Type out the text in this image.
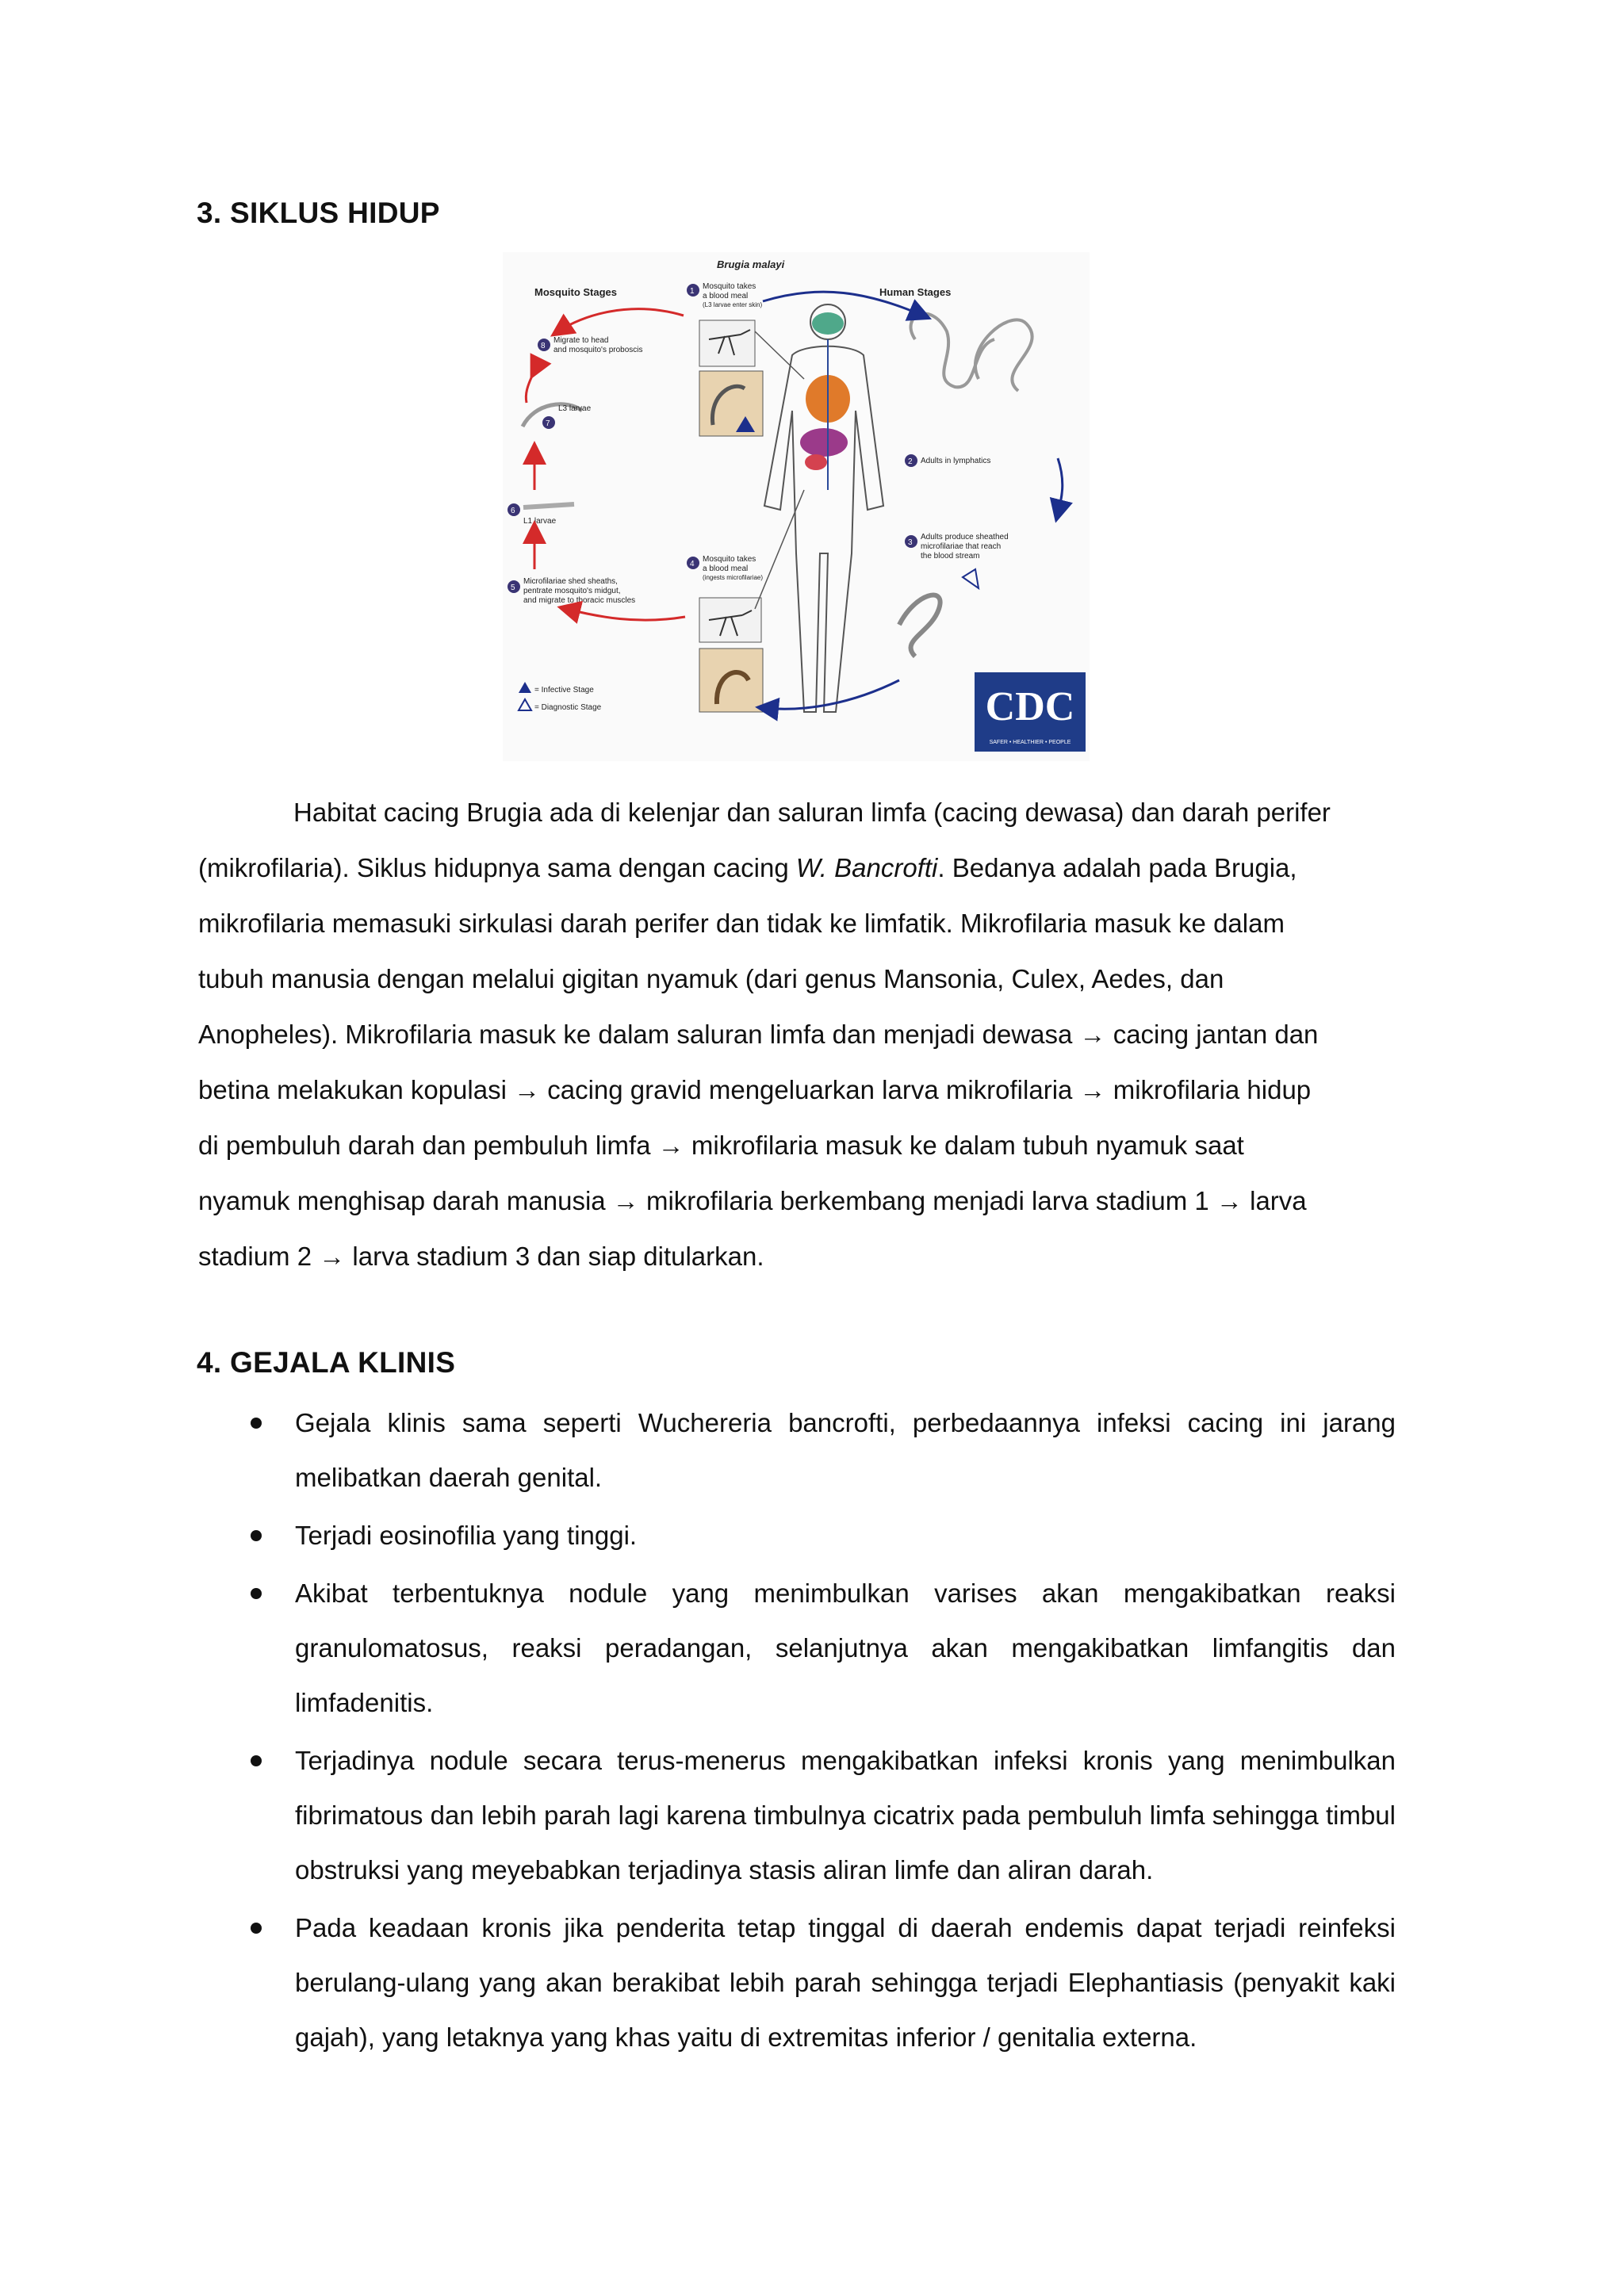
3. SIKLUS HIDUP
Brugia malayi
Mosquito Stages	Human Stages
1
Mosquito takes
a blood meal
(L3 larvae enter skin)
8
Migrate to head
and mosquito's proboscis
7
L3 larvae
6
L1 larvae
5
Microfilariae shed sheaths,
pentrate mosquito's midgut,
and migrate to thoracic muscles
4
Mosquito takes
a blood meal
(ingests microfilariae)
2 Adults in lymphatics
3
Adults produce sheathed
microfilariae that reach
the blood stream
= Infective Stage
= Diagnostic Stage	CDC
SAFER • HEALTHIER • PEOPLE
Habitat cacing Brugia ada di kelenjar dan saluran limfa (cacing dewasa) dan darah perifer
(mikrofilaria). Siklus hidupnya sama dengan cacing W. Bancrofti. Bedanya adalah pada Brugia,
mikrofilaria memasuki sirkulasi darah perifer dan tidak ke limfatik. Mikrofilaria masuk ke dalam
tubuh manusia dengan melalui gigitan nyamuk (dari genus Mansonia, Culex, Aedes, dan
Anopheles). Mikrofilaria masuk ke dalam saluran limfa dan menjadi dewasa → cacing jantan dan
betina melakukan kopulasi → cacing gravid mengeluarkan larva mikrofilaria → mikrofilaria hidup
di pembuluh darah dan pembuluh limfa → mikrofilaria masuk ke dalam tubuh nyamuk saat
nyamuk menghisap darah manusia → mikrofilaria berkembang menjadi larva stadium 1 → larva
stadium 2 → larva stadium 3 dan siap ditularkan.
4. GEJALA KLINIS
Gejala klinis sama seperti Wuchereria bancrofti, perbedaannya infeksi cacing ini jarang melibatkan daerah genital.
Terjadi eosinofilia yang tinggi.
Akibat terbentuknya nodule yang menimbulkan varises akan mengakibatkan reaksi granulomatosus, reaksi peradangan, selanjutnya akan mengakibatkan limfangitis dan limfadenitis.
Terjadinya nodule secara terus-menerus mengakibatkan infeksi kronis yang menimbulkan fibrimatous dan lebih parah lagi karena timbulnya cicatrix pada pembuluh limfa sehingga timbul obstruksi yang meyebabkan terjadinya stasis aliran limfe dan aliran darah.
Pada keadaan kronis jika penderita tetap tinggal di daerah endemis dapat terjadi reinfeksi berulang-ulang yang akan berakibat lebih parah sehingga terjadi Elephantiasis (penyakit kaki gajah), yang letaknya yang khas yaitu di extremitas inferior / genitalia externa.
